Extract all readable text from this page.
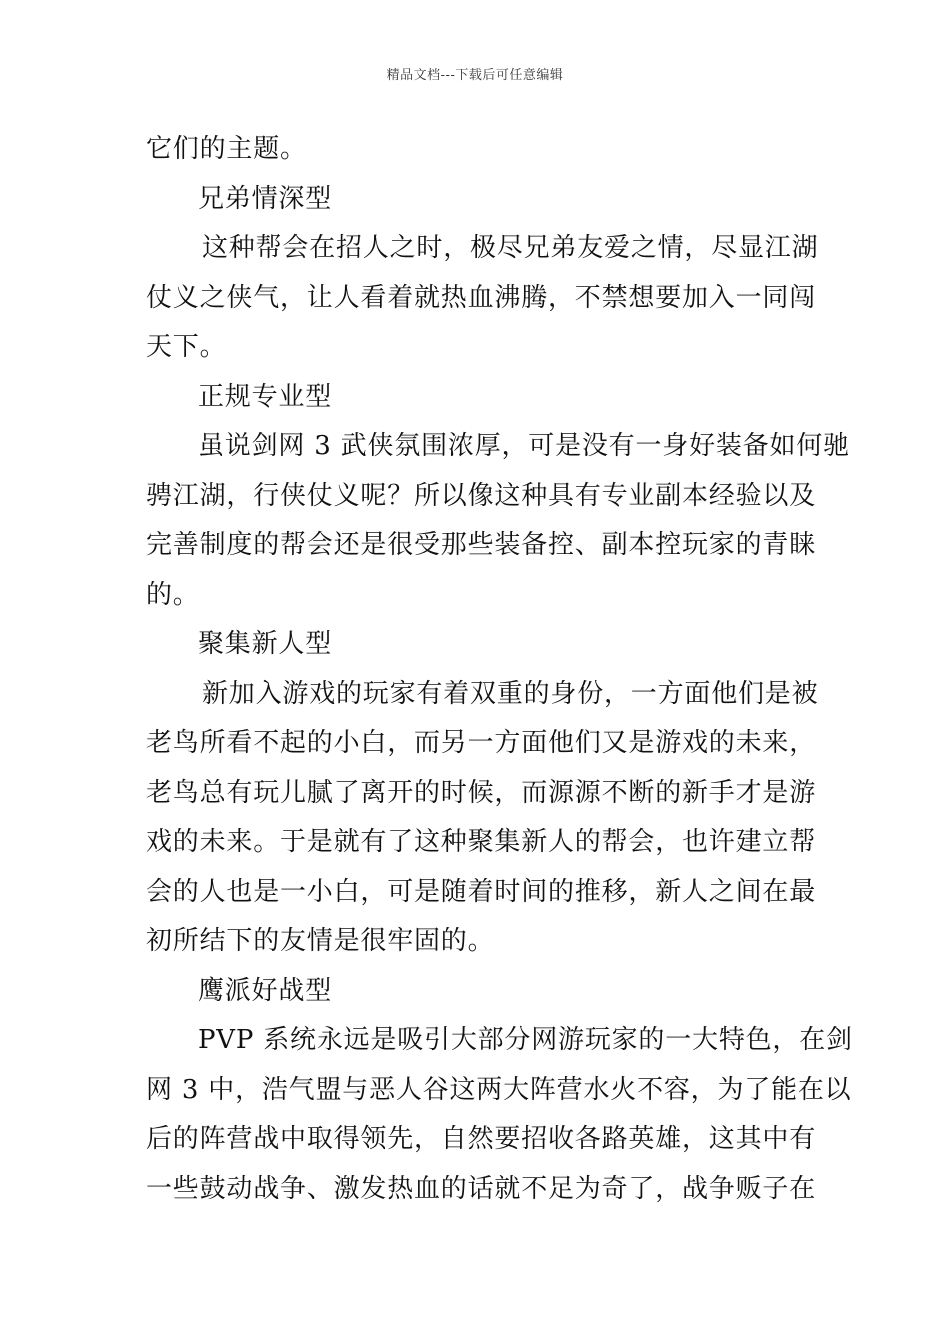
精品文档---下载后可任意编辑
它们的主题。
兄弟情深型
这种帮会在招人之时，极尽兄弟友爱之情，尽显江湖
仗义之侠气，让人看着就热血沸腾，不禁想要加入一同闯
天下。
正规专业型
虽说剑网 3 武侠氛围浓厚，可是没有一身好装备如何驰
骋江湖，行侠仗义呢？所以像这种具有专业副本经验以及
完善制度的帮会还是很受那些装备控、副本控玩家的青睐
的。
聚集新人型
新加入游戏的玩家有着双重的身份，一方面他们是被
老鸟所看不起的小白，而另一方面他们又是游戏的未来，
老鸟总有玩儿腻了离开的时候，而源源不断的新手才是游
戏的未来。于是就有了这种聚集新人的帮会，也许建立帮
会的人也是一小白，可是随着时间的推移，新人之间在最
初所结下的友情是很牢固的。
鹰派好战型
PVP 系统永远是吸引大部分网游玩家的一大特色，在剑
网 3 中，浩气盟与恶人谷这两大阵营水火不容，为了能在以
后的阵营战中取得领先，自然要招收各路英雄，这其中有
一些鼓动战争、激发热血的话就不足为奇了，战争贩子在
